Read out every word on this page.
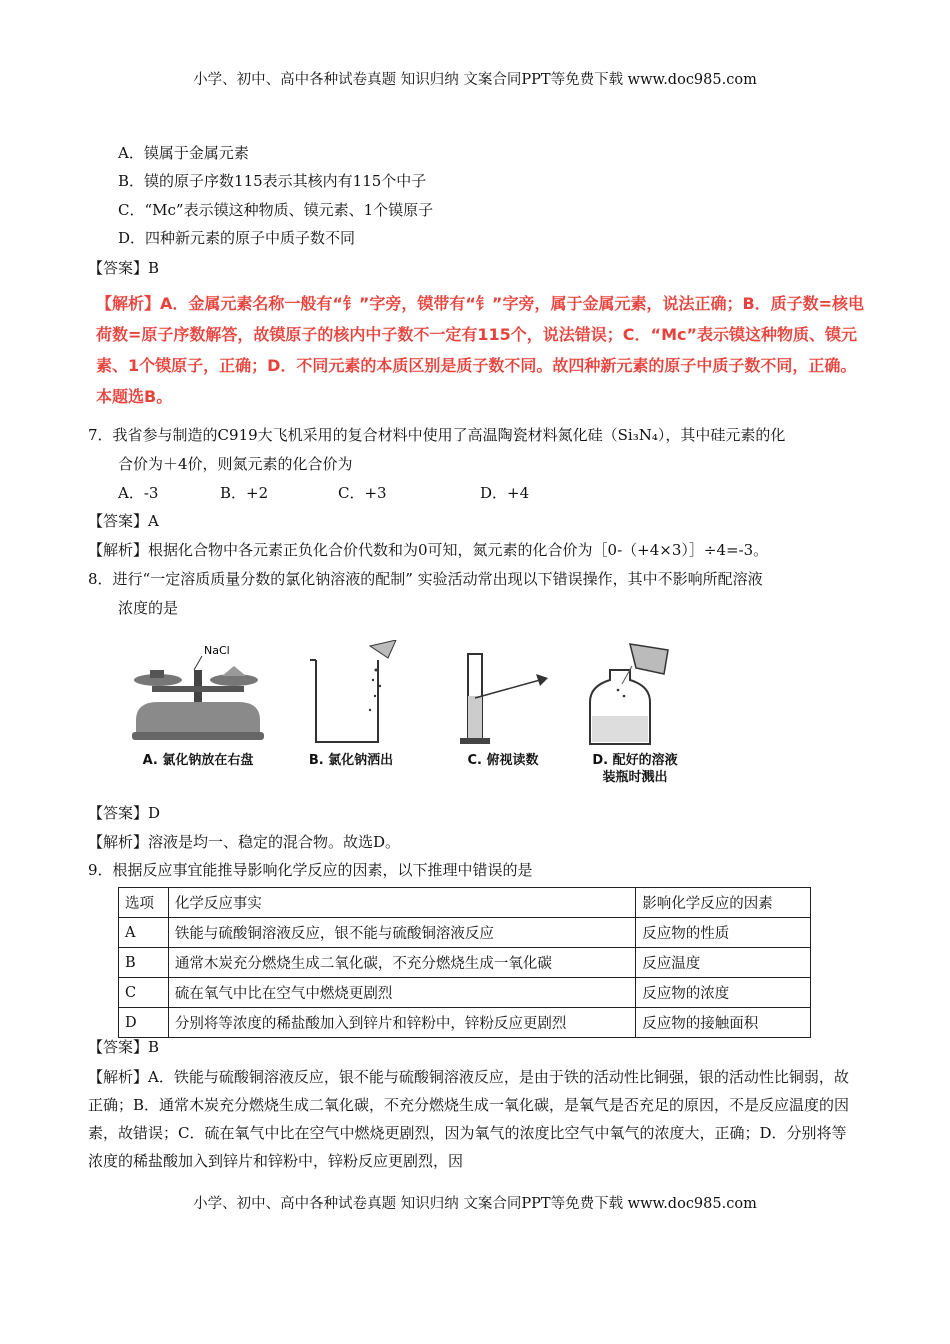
小学、初中、高中各种试卷真题 知识归纳 文案合同PPT等免费下载 www.doc985.com
A．镆属于金属元素
B．镆的原子序数115表示其核内有115个中子
C．“Mc”表示镆这种物质、镆元素、1个镆原子
D．四种新元素的原子中质子数不同
【答案】B
【解析】A．金属元素名称一般有“钅”字旁，镆带有“钅”字旁，属于金属元素，说法正确；B．质子数=核电荷数=原子序数解答，故镆原子的核内中子数不一定有115个，说法错误；C．“Mc”表示镆这种物质、镆元素、1个镆原子，正确；D．不同元素的本质区别是质子数不同。故四种新元素的原子中质子数不同，正确。本题选B。
7．我省参与制造的C919大飞机采用的复合材料中使用了高温陶瓷材料氮化硅（Si₃N₄），其中硅元素的化
合价为＋4价，则氮元素的化合价为
A．-3	B．+2	C．+3	D．+4
【答案】A
【解析】根据化合物中各元素正负化合价代数和为0可知，氮元素的化合价为［0-（+4×3）］÷4=-3。
8．进行“一定溶质质量分数的氯化钠溶液的配制” 实验活动常出现以下错误操作，其中不影响所配溶液
浓度的是
NaCl
A. 氯化钠放在右盘	B. 氯化钠洒出	C. 俯视读数	D. 配好的溶液
装瓶时溅出
【答案】D
【解析】溶液是均一、稳定的混合物。故选D。
9．根据反应事宜能推导影响化学反应的因素，以下推理中错误的是
选项	化学反应事实	影响化学反应的因素
A	铁能与硫酸铜溶液反应，银不能与硫酸铜溶液反应	反应物的性质
B	通常木炭充分燃烧生成二氧化碳，不充分燃烧生成一氧化碳	反应温度
C	硫在氧气中比在空气中燃烧更剧烈	反应物的浓度
D	分别将等浓度的稀盐酸加入到锌片和锌粉中，锌粉反应更剧烈	反应物的接触面积
【答案】B
【解析】A．铁能与硫酸铜溶液反应，银不能与硫酸铜溶液反应，是由于铁的活动性比铜强，银的活动性比铜弱，故正确；B．通常木炭充分燃烧生成二氧化碳，不充分燃烧生成一氧化碳，是氧气是否充足的原因，不是反应温度的因素，故错误；C．硫在氧气中比在空气中燃烧更剧烈，因为氧气的浓度比空气中氧气的浓度大，正确；D．分别将等浓度的稀盐酸加入到锌片和锌粉中，锌粉反应更剧烈，因
小学、初中、高中各种试卷真题 知识归纳 文案合同PPT等免费下载 www.doc985.com
